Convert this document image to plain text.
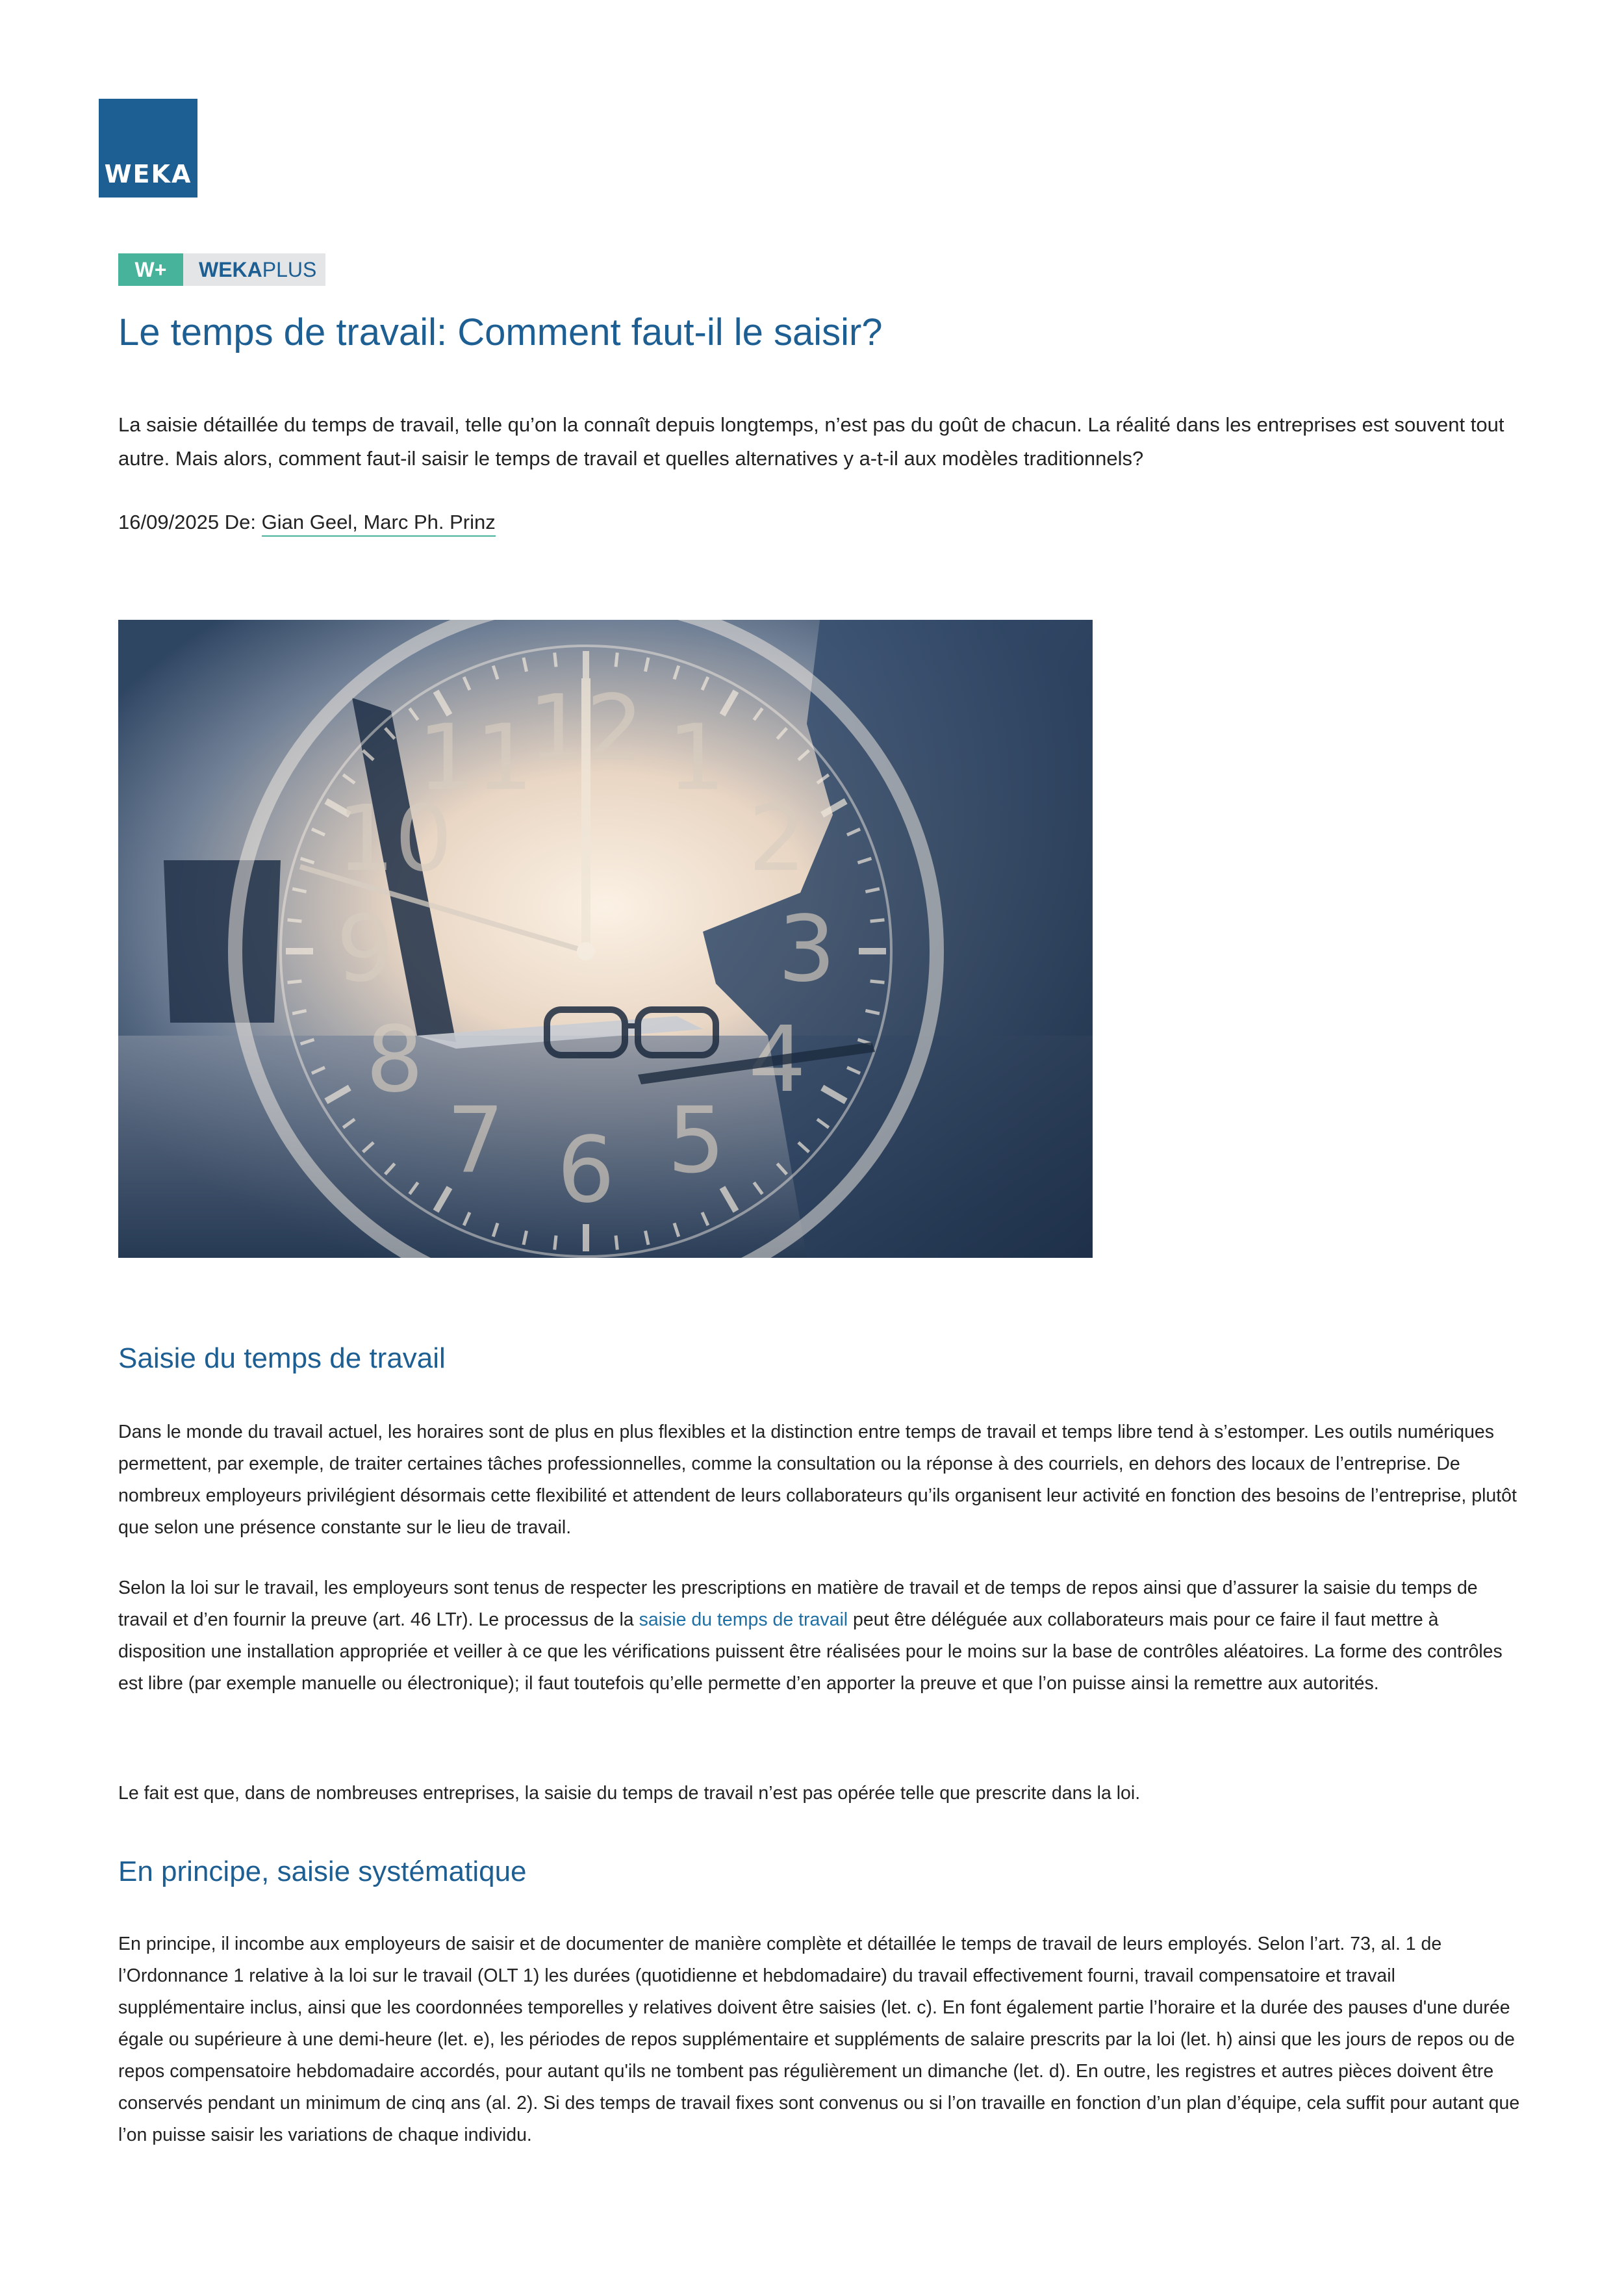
WEKA
W+	WEKAPLUS
Le temps de travail: Comment faut-il le saisir?

La saisie détaillée du temps de travail, telle qu’on la connaît depuis longtemps, n’est pas du goût de chacun. La réalité dans les entreprises est souvent tout autre. Mais alors, comment faut-il saisir le temps de travail et quelles alternatives y a-t-il aux modèles traditionnels?

16/09/2025 De: Gian Geel, Marc Ph. Prinz
12 1
2
3
5
6
7
8
9
10
11
Saisie du temps de travail

Dans le monde du travail actuel, les horaires sont de plus en plus flexibles et la distinction entre temps de travail et temps libre tend à s’estomper. Les outils numériques permettent, par exemple, de traiter certaines tâches professionnelles, comme la consultation ou la réponse à des courriels, en dehors des locaux de l’entreprise. De nombreux employeurs privilégient désormais cette flexibilité et attendent de leurs collaborateurs qu’ils organisent leur activité en fonction des besoins de l’entreprise, plutôt que selon une présence constante sur le lieu de travail.

Selon la loi sur le travail, les employeurs sont tenus de respecter les prescriptions en matière de travail et de temps de repos ainsi que d’assurer la saisie du temps de travail et d’en fournir la preuve (art. 46 LTr). Le processus de la saisie du temps de travail peut être déléguée aux collaborateurs mais pour ce faire il faut mettre à disposition une installation appropriée et veiller à ce que les vérifications puissent être réalisées pour le moins sur la base de contrôles aléatoires. La forme des contrôles est libre (par exemple manuelle ou électronique); il faut toutefois qu’elle permette d’en apporter la preuve et que l’on puisse ainsi la remettre aux autorités.

Le fait est que, dans de nombreuses entreprises, la saisie du temps de travail n’est pas opérée telle que prescrite dans la loi.

En principe, saisie systématique

En principe, il incombe aux employeurs de saisir et de documenter de manière complète et détaillée le temps de travail de leurs employés. Selon l’art. 73, al. 1 de l’Ordonnance 1 relative à la loi sur le travail (OLT 1) les durées (quotidienne et hebdomadaire) du travail effectivement fourni, travail compensatoire et travail supplémentaire inclus, ainsi que les coordonnées temporelles y relatives doivent être saisies (let. c). En font également partie l’horaire et la durée des pauses d'une durée égale ou supérieure à une demi-heure (let. e), les périodes de repos supplémentaire et suppléments de salaire prescrits par la loi (let. h) ainsi que les jours de repos ou de repos compensatoire hebdomadaire accordés, pour autant qu'ils ne tombent pas régulièrement un dimanche (let. d). En outre, les registres et autres pièces doivent être conservés pendant un minimum de cinq ans (al. 2). Si des temps de travail fixes sont convenus ou si l’on travaille en fonction d’un plan d’équipe, cela suffit pour autant que l’on puisse saisir les variations de chaque individu.
